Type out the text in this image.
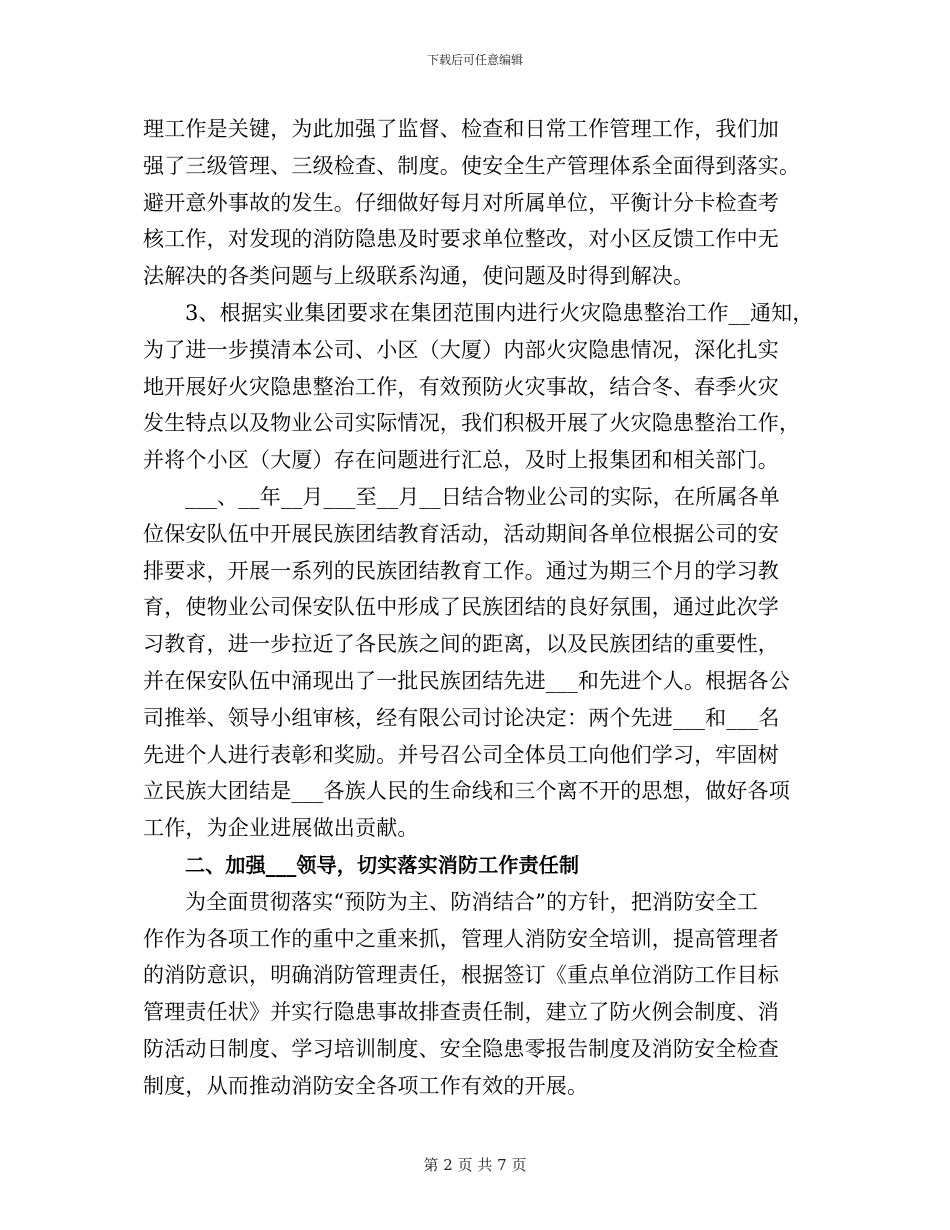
下载后可任意编辑
理工作是关键，为此加强了监督、检查和日常工作管理工作，我们加
强了三级管理、三级检查、制度。使安全生产管理体系全面得到落实。
避开意外事故的发生。仔细做好每月对所属单位，平衡计分卡检查考
核工作，对发现的消防隐患及时要求单位整改，对小区反馈工作中无
法解决的各类问题与上级联系沟通，使问题及时得到解决。
3、根据实业集团要求在集团范围内进行火灾隐患整治工作__通知，
为了进一步摸清本公司、小区（大厦）内部火灾隐患情况，深化扎实
地开展好火灾隐患整治工作，有效预防火灾事故，结合冬、春季火灾
发生特点以及物业公司实际情况，我们积极开展了火灾隐患整治工作，
并将个小区（大厦）存在问题进行汇总，及时上报集团和相关部门。
___、__年__月___至__月__日结合物业公司的实际，在所属各单
位保安队伍中开展民族团结教育活动，活动期间各单位根据公司的安
排要求，开展一系列的民族团结教育工作。通过为期三个月的学习教
育，使物业公司保安队伍中形成了民族团结的良好氛围，通过此次学
习教育，进一步拉近了各民族之间的距离，以及民族团结的重要性，
并在保安队伍中涌现出了一批民族团结先进___和先进个人。根据各公
司推举、领导小组审核，经有限公司讨论决定：两个先进___和___名
先进个人进行表彰和奖励。并号召公司全体员工向他们学习，牢固树
立民族大团结是___各族人民的生命线和三个离不开的思想，做好各项
工作，为企业进展做出贡献。
二、加强___领导，切实落实消防工作责任制
为全面贯彻落实“预防为主、防消结合”的方针，把消防安全工
作作为各项工作的重中之重来抓，管理人消防安全培训，提高管理者
的消防意识，明确消防管理责任，根据签订《重点单位消防工作目标
管理责任状》并实行隐患事故排查责任制，建立了防火例会制度、消
防活动日制度、学习培训制度、安全隐患零报告制度及消防安全检查
制度，从而推动消防安全各项工作有效的开展。
第 2 页 共 7 页
